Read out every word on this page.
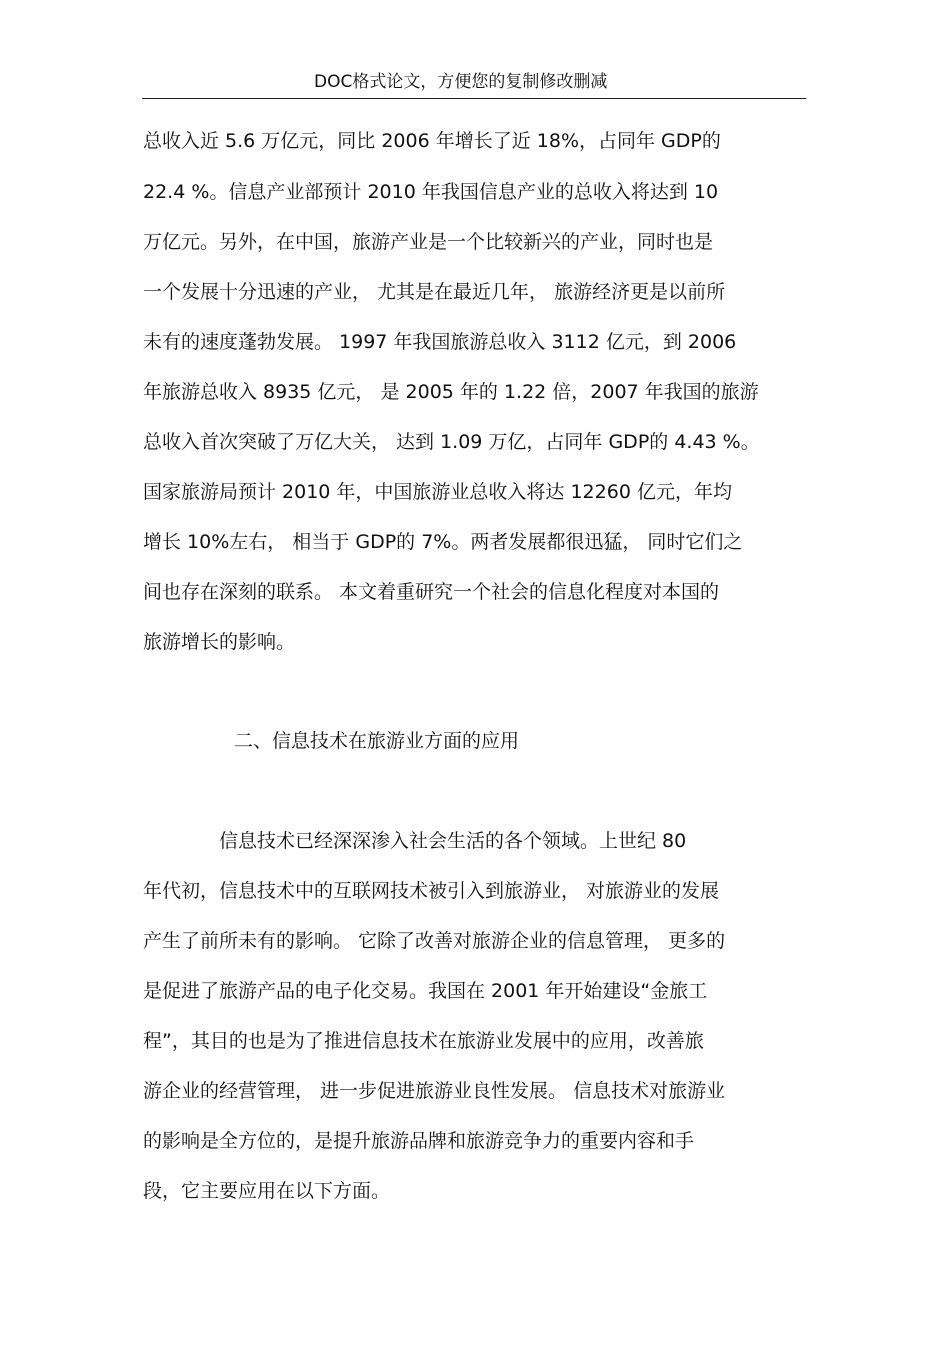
DOC格式论文，方便您的复制修改删减
总收入近 5.6 万亿元，同比 2006 年增长了近 18%，占同年 GDP的
22.4 %。信息产业部预计 2010 年我国信息产业的总收入将达到 10
万亿元。另外，在中国，旅游产业是一个比较新兴的产业，同时也是
一个发展十分迅速的产业， 尤其是在最近几年， 旅游经济更是以前所
未有的速度蓬勃发展。 1997 年我国旅游总收入 3112 亿元，到 2006
年旅游总收入 8935 亿元， 是 2005 年的 1.22 倍，2007 年我国的旅游
总收入首次突破了万亿大关， 达到 1.09 万亿，占同年 GDP的 4.43 %。
国家旅游局预计 2010 年，中国旅游业总收入将达 12260 亿元，年均
增长 10%左右， 相当于 GDP的 7%。两者发展都很迅猛， 同时它们之
间也存在深刻的联系。 本文着重研究一个社会的信息化程度对本国的
旅游增长的影响。
二、信息技术在旅游业方面的应用
　　　　信息技术已经深深渗入社会生活的各个领域。上世纪 80
年代初，信息技术中的互联网技术被引入到旅游业， 对旅游业的发展
产生了前所未有的影响。 它除了改善对旅游企业的信息管理， 更多的
是促进了旅游产品的电子化交易。我国在 2001 年开始建设“金旅工
程”，其目的也是为了推进信息技术在旅游业发展中的应用，改善旅
游企业的经营管理， 进一步促进旅游业良性发展。 信息技术对旅游业
的影响是全方位的，是提升旅游品牌和旅游竞争力的重要内容和手
段，它主要应用在以下方面。
